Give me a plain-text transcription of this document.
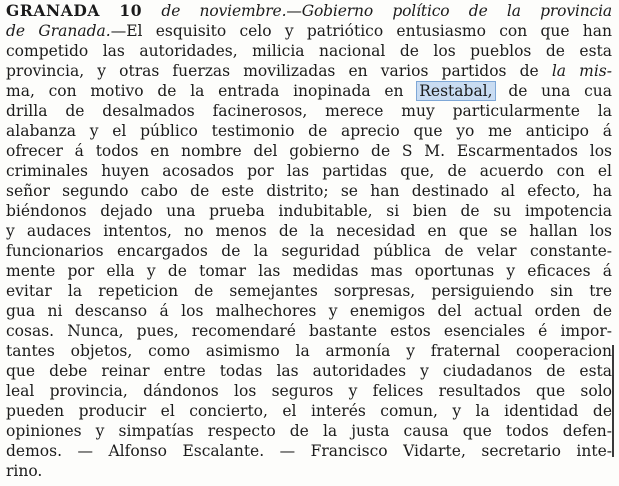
GRANADA 10 de noviembre.—Gobierno político de la provincia
de Granada.—El esquisito celo y patriótico entusiasmo con que han
competido las autoridades, milicia nacional de los pueblos de esta
provincia, y otras fuerzas movilizadas en varios partidos de la mis-
ma, con motivo de la entrada inopinada en Restabal, de una cua
drilla de desalmados facinerosos, merece muy particularmente la
alabanza y el público testimonio de aprecio que yo me anticipo á
ofrecer á todos en nombre del gobierno de S M. Escarmentados los
criminales huyen acosados por las partidas que, de acuerdo con el
señor segundo cabo de este distrito; se han destinado al efecto, ha
biéndonos dejado una prueba indubitable, si bien de su impotencia
y audaces intentos, no menos de la necesidad en que se hallan los
funcionarios encargados de la seguridad pública de velar constante-
mente por ella y de tomar las medidas mas oportunas y eficaces á
evitar la repeticion de semejantes sorpresas, persiguiendo sin tre
gua ni descanso á los malhechores y enemigos del actual orden de
cosas. Nunca, pues, recomendaré bastante estos esenciales é impor-
tantes objetos, como asimismo la armonía y fraternal cooperacion
que debe reinar entre todas las autoridades y ciudadanos de esta
leal provincia, dándonos los seguros y felices resultados que solo
pueden producir el concierto, el interés comun, y la identidad de
opiniones y simpatías respecto de la justa causa que todos defen-
demos. — Alfonso Escalante. — Francisco Vidarte, secretario inte-
rino.
